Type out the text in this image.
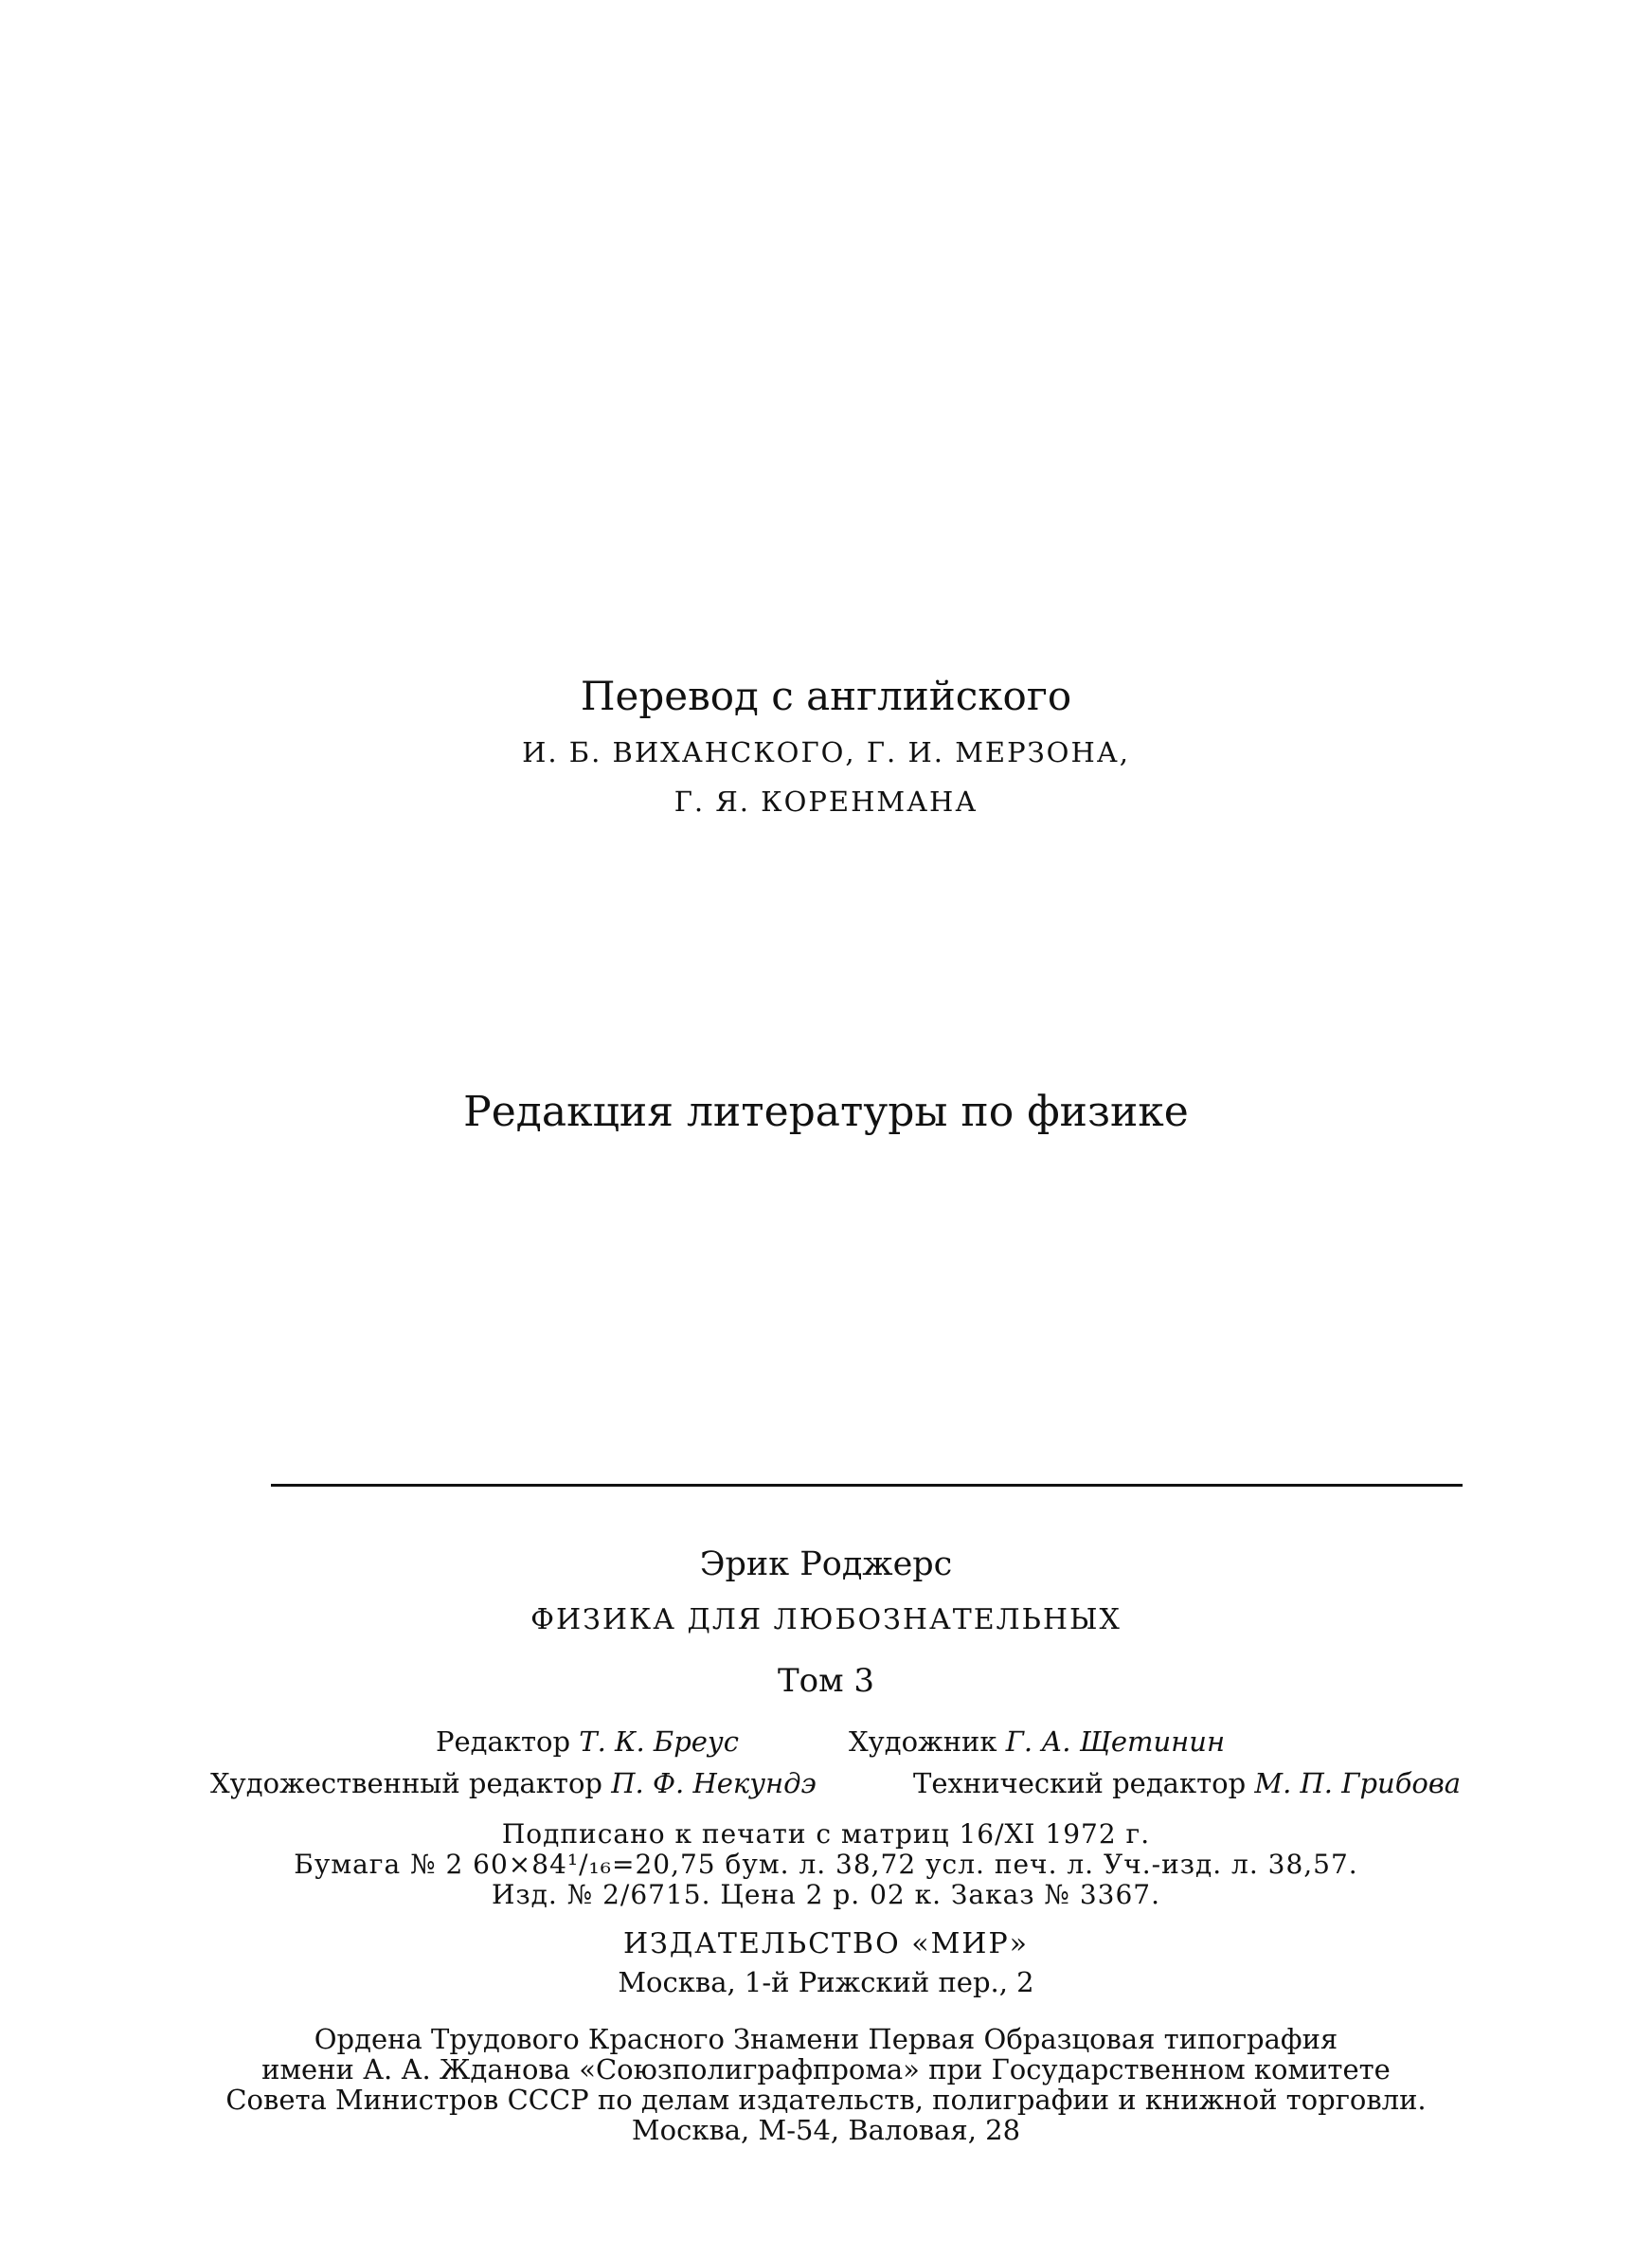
Перевод с английского
И. Б. ВИХАНСКОГО, Г. И. МЕРЗОНА,
Г. Я. КОРЕНМАНА
Редакция литературы по физике
Эрик Роджерс
ФИЗИКА ДЛЯ ЛЮБОЗНАТЕЛЬНЫХ
Том 3
Редактор Т. К. Бреус	Художник Г. А. Щетинин
Художественный редактор П. Ф. Некундэ	Технический редактор М. П. Грибова
Подписано к печати с матриц 16/XI 1972 г.
Бумага № 2 60×84¹/₁₆=20,75 бум. л. 38,72 усл. печ. л. Уч.-изд. л. 38,57.
Изд. № 2/6715. Цена 2 р. 02 к. Заказ № 3367.
ИЗДАТЕЛЬСТВО «МИР»
Москва, 1-й Рижский пер., 2
Ордена Трудового Красного Знамени Первая Образцовая типография
имени А. А. Жданова «Союзполиграфпрома» при Государственном комитете
Совета Министров СССР по делам издательств, полиграфии и книжной торговли.
Москва, М-54, Валовая, 28
